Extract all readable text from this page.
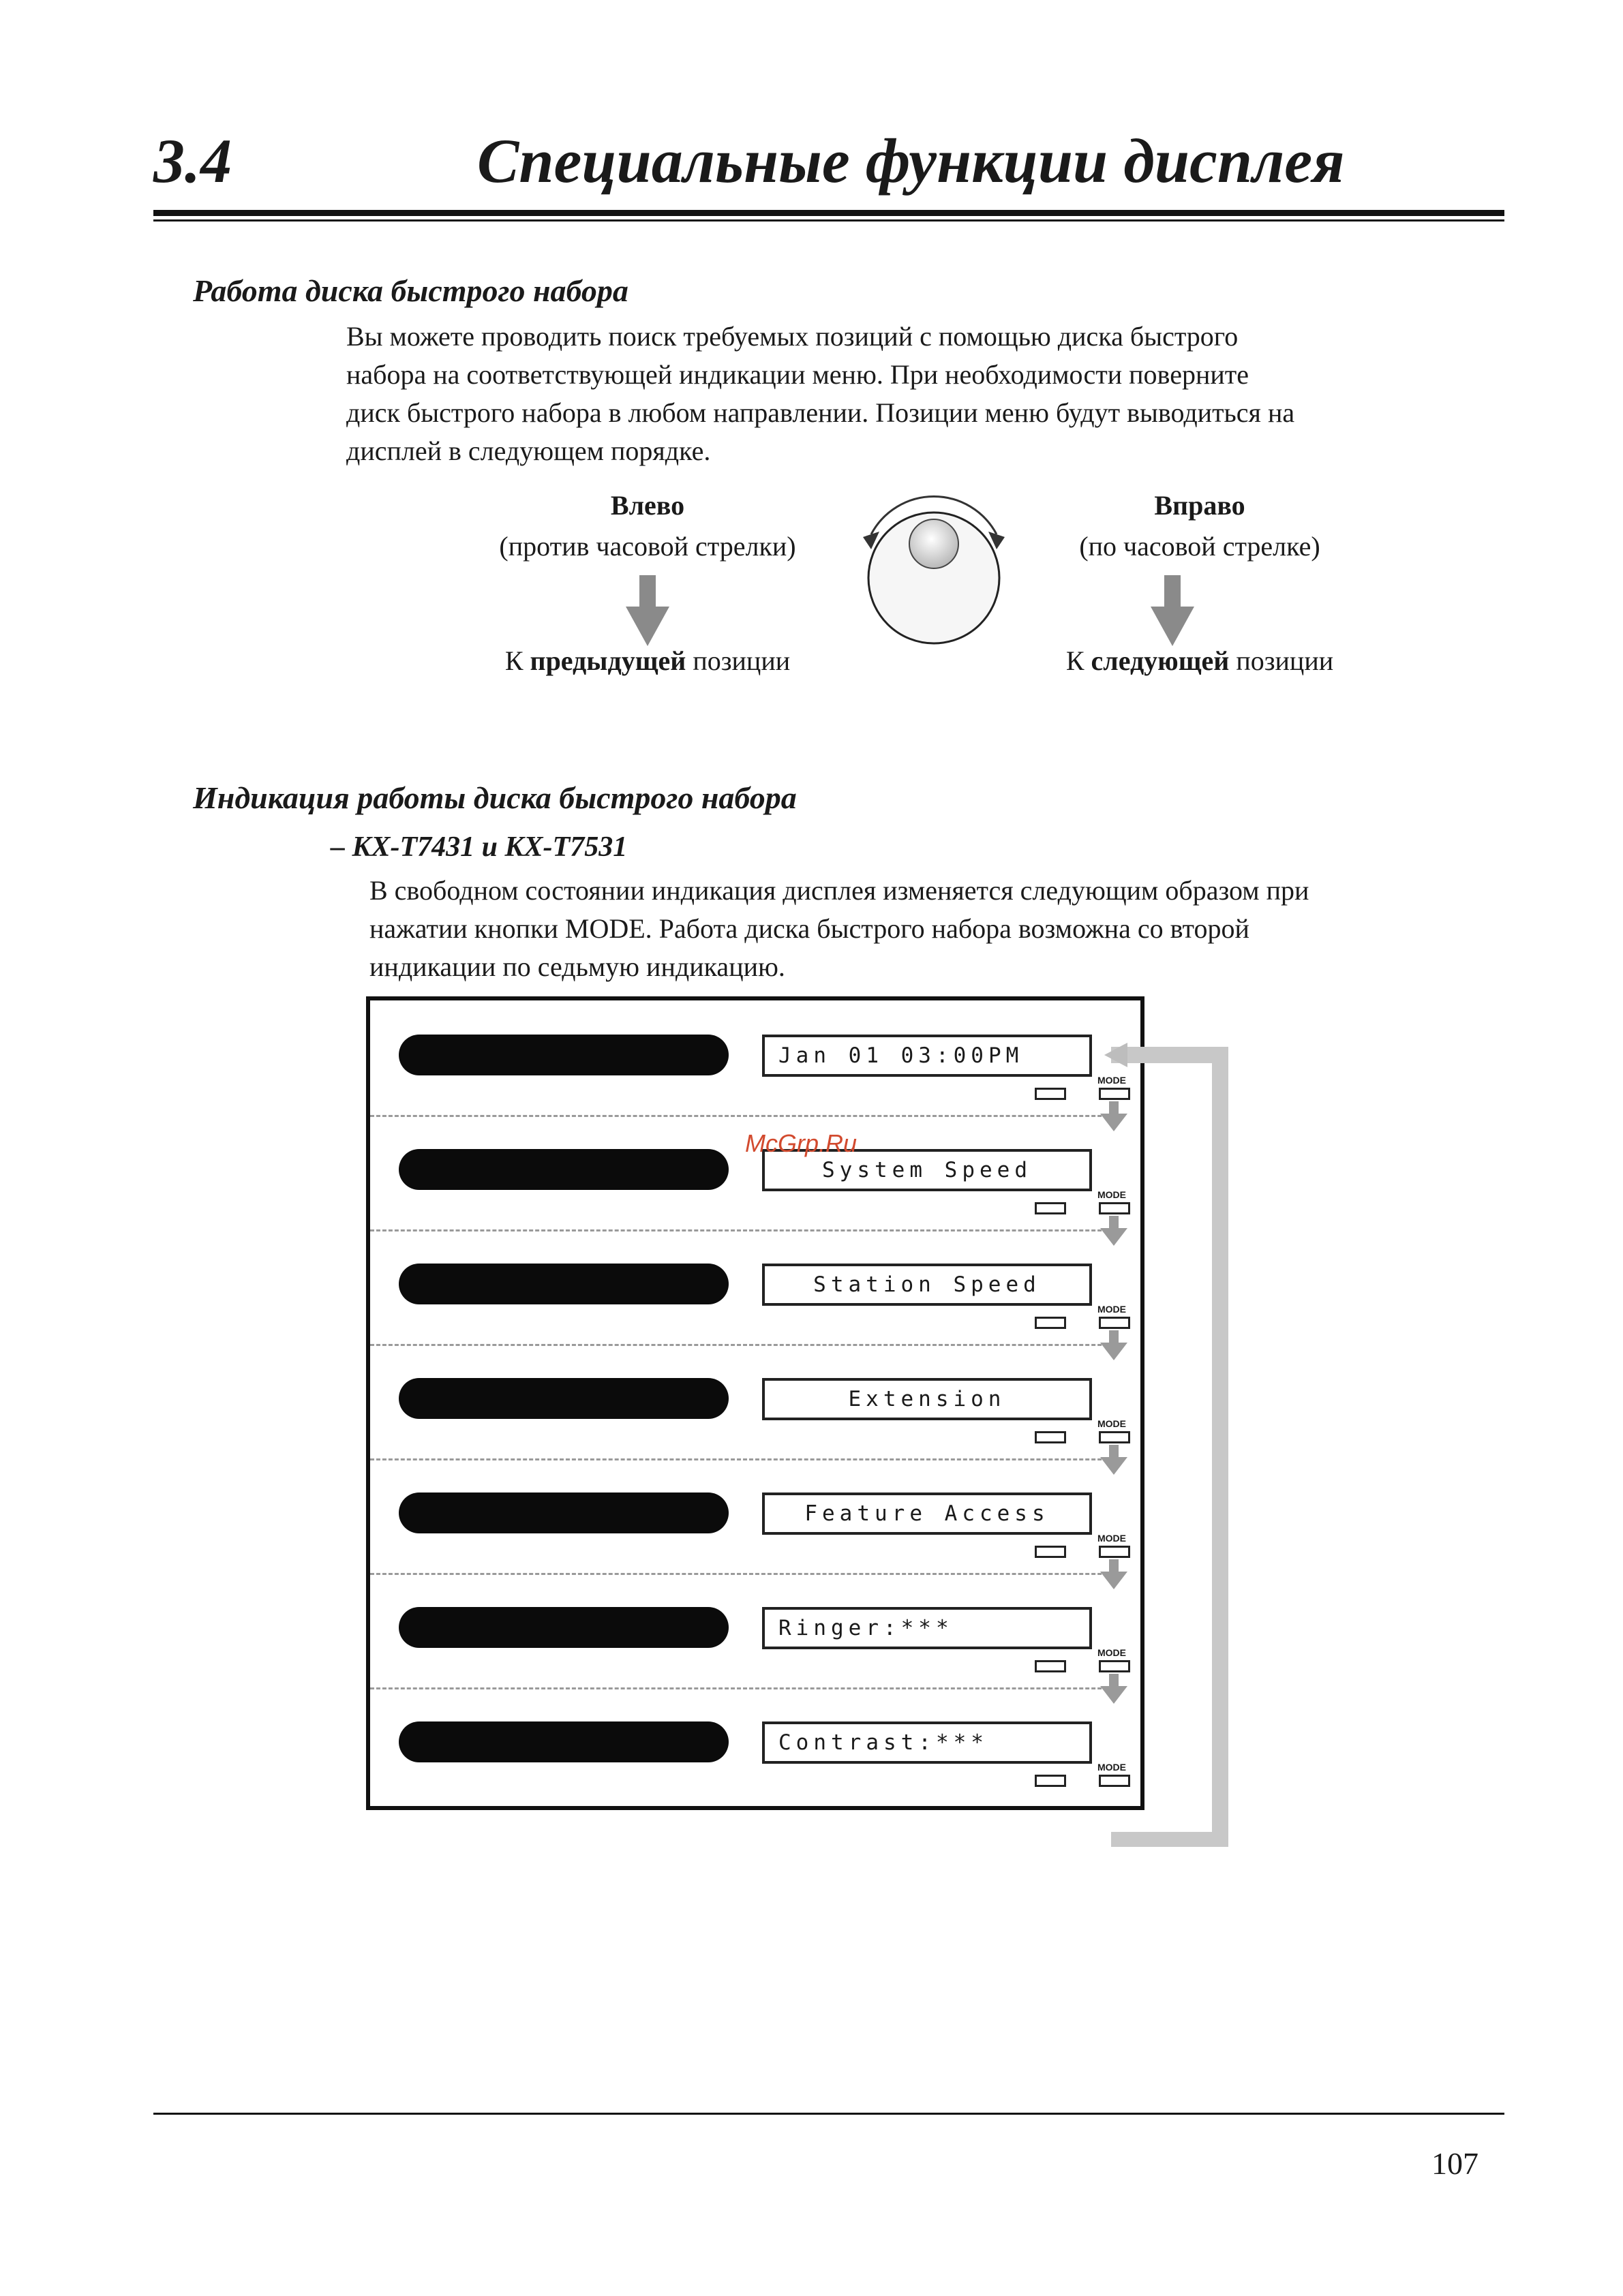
3.4	Специальные функции дисплея
Работа диска быстрого набора
Вы можете проводить поиск требуемых позиций с помощью диска быстрого
набора на соответствующей индикации меню. При необходимости поверните
диск быстрого набора в любом направлении. Позиции меню будут выводиться на
дисплей в следующем порядке.
Влево
(против часовой стрелки)
К предыдущей позиции
Вправо
(по часовой стрелке)
К следующей позиции
Индикация работы диска быстрого набора
– KX-T7431 и KX-T7531
В свободном состоянии индикация дисплея изменяется следующим образом при
нажатии кнопки MODE. Работа диска быстрого набора возможна со второй
индикации по седьмую индикацию.
Jan 01 03:00PM
MODE
System Speed
MODE
Station Speed
MODE
Extension
MODE
Feature Access
MODE
Ringer:***
MODE
Contrast:***
MODE
McGrp.Ru
107
